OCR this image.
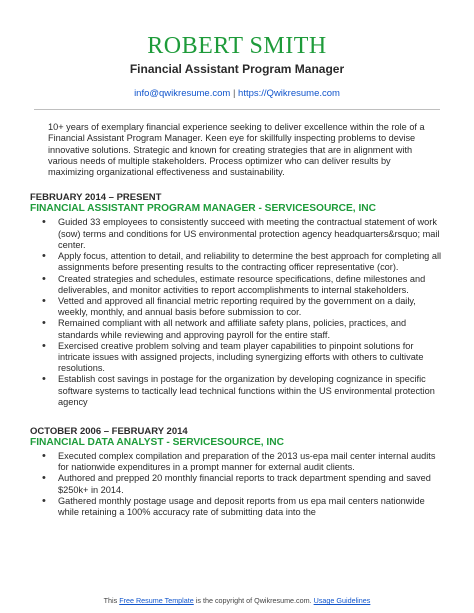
ROBERT SMITH
Financial Assistant Program Manager
info@qwikresume.com | https://Qwikresume.com
10+ years of exemplary financial experience seeking to deliver excellence within the role of a Financial Assistant Program Manager. Keen eye for skillfully inspecting problems to devise innovative solutions. Strategic and known for creating strategies that are in alignment with various needs of multiple stakeholders. Process optimizer who can deliver results by maximizing organizational effectiveness and sustainability.
FEBRUARY 2014 – PRESENT
FINANCIAL ASSISTANT PROGRAM MANAGER - SERVICESOURCE, INC
• Guided 33 employees to consistently succeed with meeting the contractual statement of work (sow) terms and conditions for US environmental protection agency headquarters&rsquo; mail center.
• Apply focus, attention to detail, and reliability to determine the best approach for completing all assignments before presenting results to the contracting officer representative (cor).
• Created strategies and schedules, estimate resource specifications, define milestones and deliverables, and monitor activities to report accomplishments to internal stakeholders.
• Vetted and approved all financial metric reporting required by the government on a daily, weekly, monthly, and annual basis before submission to cor.
• Remained compliant with all network and affiliate safety plans, policies, practices, and standards while reviewing and approving payroll for the entire staff.
• Exercised creative problem solving and team player capabilities to pinpoint solutions for intricate issues with assigned projects, including synergizing efforts with others to cultivate resolutions.
• Establish cost savings in postage for the organization by developing cognizance in specific software systems to tactically lead technical functions within the US environmental protection agency
OCTOBER 2006 – FEBRUARY 2014
FINANCIAL DATA ANALYST - SERVICESOURCE, INC
• Executed complex compilation and preparation of the 2013 us-epa mail center internal audits for nationwide expenditures in a prompt manner for external audit clients.
• Authored and prepped 20 monthly financial reports to track department spending and saved $250k+ in 2014.
• Gathered monthly postage usage and deposit reports from us epa mail centers nationwide while retaining a 100% accuracy rate of submitting data into the
This Free Resume Template is the copyright of Qwikresume.com. Usage Guidelines
